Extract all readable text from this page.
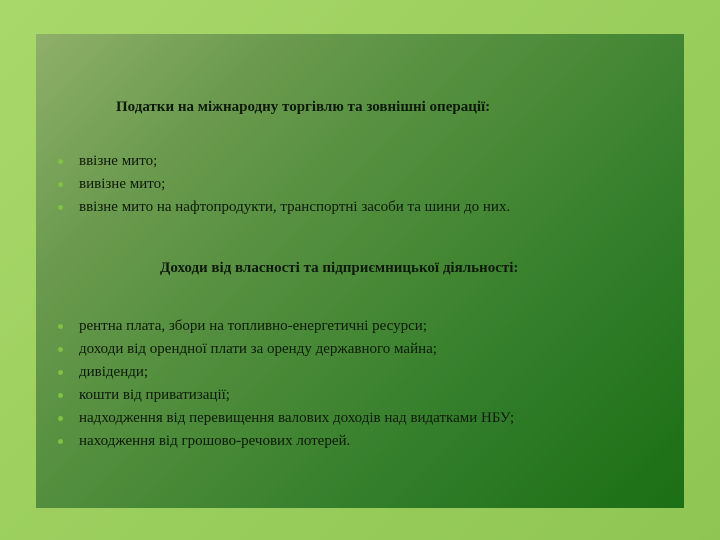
Податки на міжнародну торгівлю та зовнішні операції:
ввізне мито;
вивізне мито;
ввізне мито на нафтопродукти, транспортні засоби та шини до них.
Доходи від власності та підприємницької діяльності:
рентна плата, збори на топливно-енергетичні ресурси;
доходи від орендної плати за оренду державного майна;
дивіденди;
кошти від приватизації;
надходження від перевищення валових доходів над видатками НБУ;
находження від грошово-речових лотерей.
